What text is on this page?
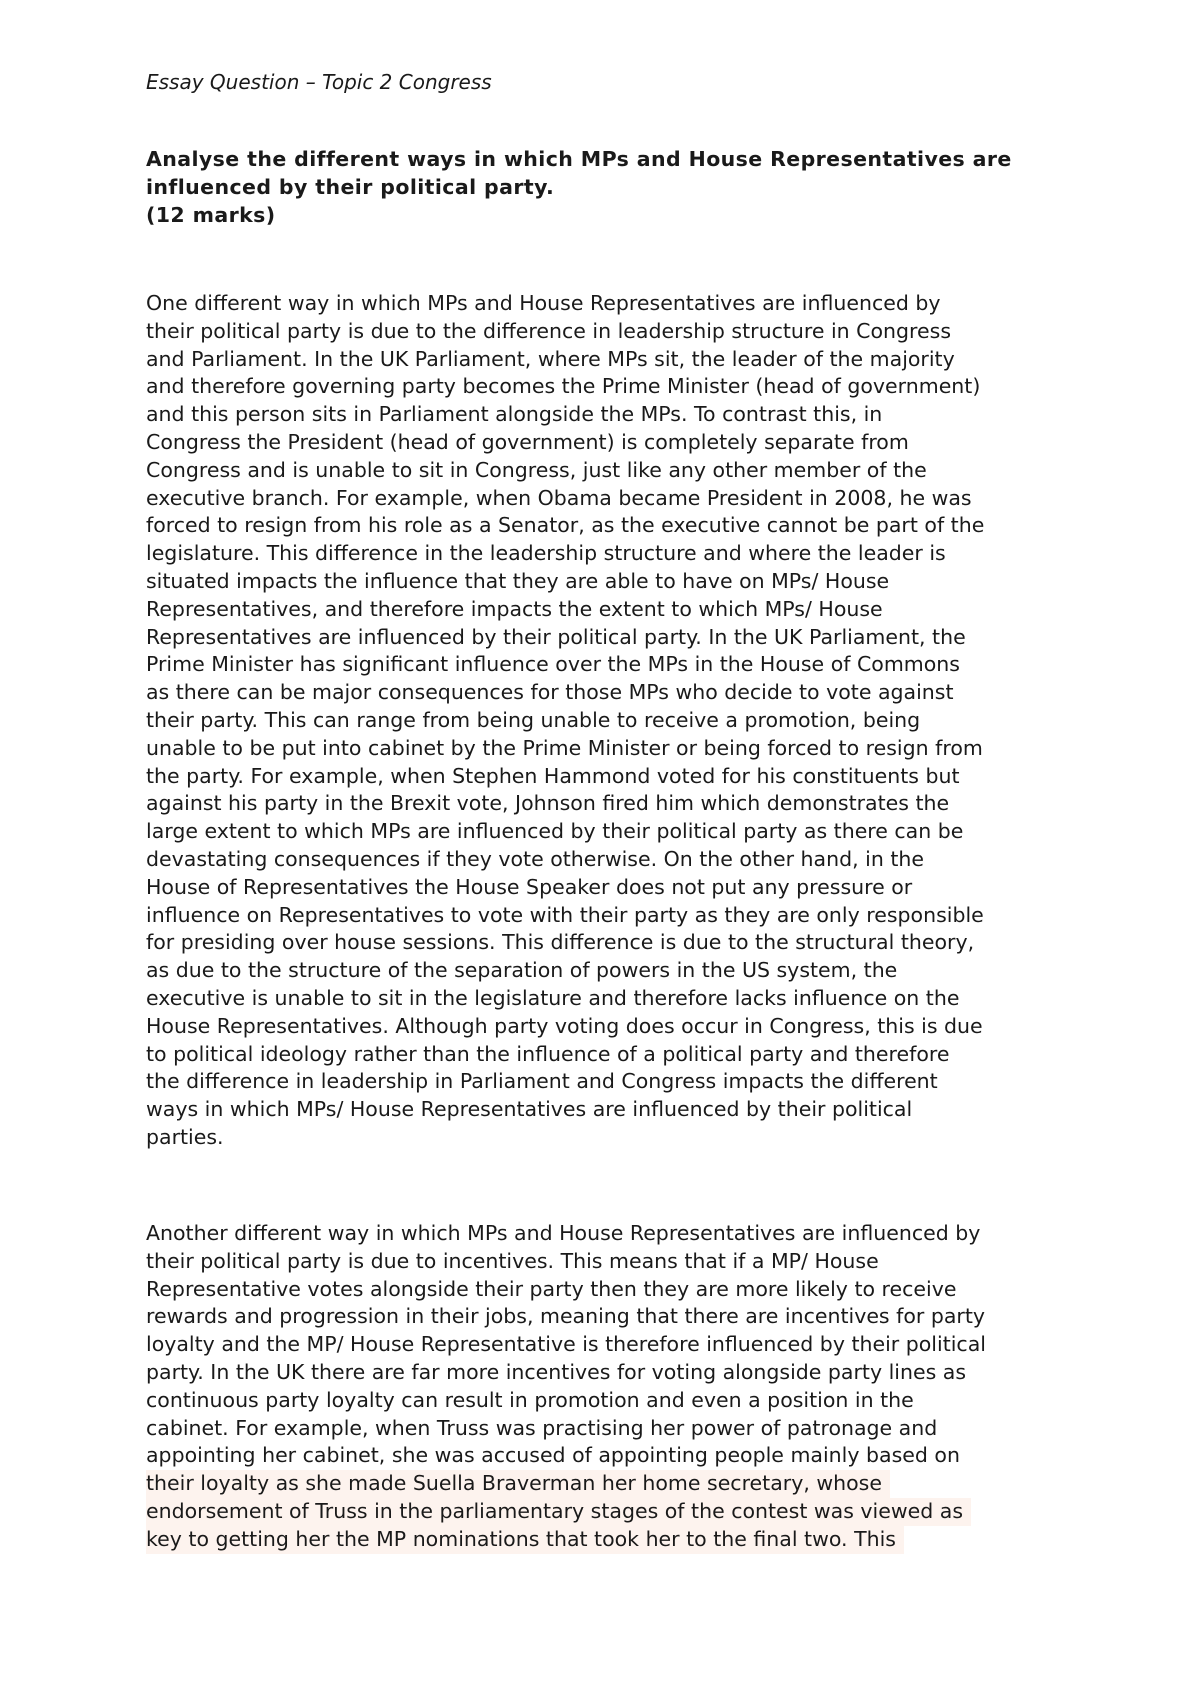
Essay Question – Topic 2 Congress
Analyse the different ways in which MPs and House Representatives are
influenced by their political party.
(12 marks)
One different way in which MPs and House Representatives are influenced by
their political party is due to the difference in leadership structure in Congress
and Parliament. In the UK Parliament, where MPs sit, the leader of the majority
and therefore governing party becomes the Prime Minister (head of government)
and this person sits in Parliament alongside the MPs. To contrast this, in
Congress the President (head of government) is completely separate from
Congress and is unable to sit in Congress, just like any other member of the
executive branch. For example, when Obama became President in 2008, he was
forced to resign from his role as a Senator, as the executive cannot be part of the
legislature. This difference in the leadership structure and where the leader is
situated impacts the influence that they are able to have on MPs/ House
Representatives, and therefore impacts the extent to which MPs/ House
Representatives are influenced by their political party. In the UK Parliament, the
Prime Minister has significant influence over the MPs in the House of Commons
as there can be major consequences for those MPs who decide to vote against
their party. This can range from being unable to receive a promotion, being
unable to be put into cabinet by the Prime Minister or being forced to resign from
the party. For example, when Stephen Hammond voted for his constituents but
against his party in the Brexit vote, Johnson fired him which demonstrates the
large extent to which MPs are influenced by their political party as there can be
devastating consequences if they vote otherwise. On the other hand, in the
House of Representatives the House Speaker does not put any pressure or
influence on Representatives to vote with their party as they are only responsible
for presiding over house sessions. This difference is due to the structural theory,
as due to the structure of the separation of powers in the US system, the
executive is unable to sit in the legislature and therefore lacks influence on the
House Representatives. Although party voting does occur in Congress, this is due
to political ideology rather than the influence of a political party and therefore
the difference in leadership in Parliament and Congress impacts the different
ways in which MPs/ House Representatives are influenced by their political
parties.
Another different way in which MPs and House Representatives are influenced by
their political party is due to incentives. This means that if a MP/ House
Representative votes alongside their party then they are more likely to receive
rewards and progression in their jobs, meaning that there are incentives for party
loyalty and the MP/ House Representative is therefore influenced by their political
party. In the UK there are far more incentives for voting alongside party lines as
continuous party loyalty can result in promotion and even a position in the
cabinet. For example, when Truss was practising her power of patronage and
appointing her cabinet, she was accused of appointing people mainly based on
their loyalty as she made Suella Braverman her home secretary, whose
endorsement of Truss in the parliamentary stages of the contest was viewed as
key to getting her the MP nominations that took her to the final two. This
